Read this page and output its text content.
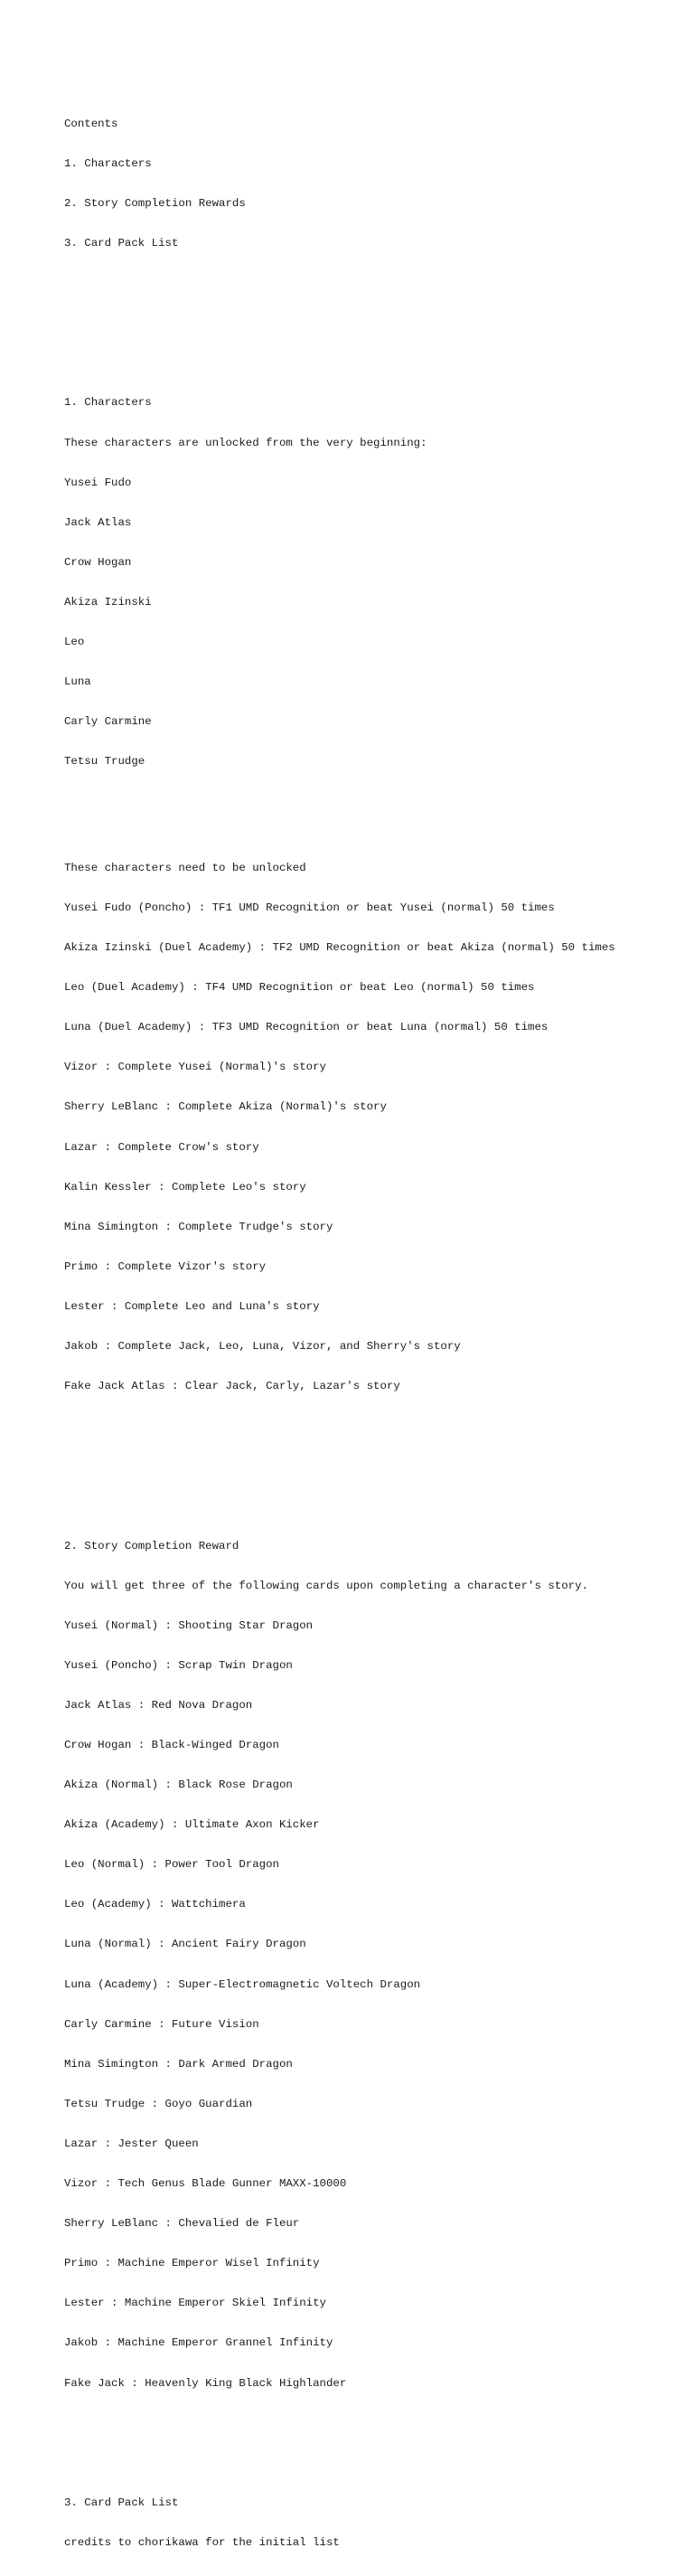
Contents

1. Characters

2. Story Completion Rewards

3. Card Pack List

1. Characters

These characters are unlocked from the very beginning:

Yusei Fudo

Jack Atlas

Crow Hogan

Akiza Izinski

Leo

Luna

Carly Carmine

Tetsu Trudge

These characters need to be unlocked

Yusei Fudo (Poncho) : TF1 UMD Recognition or beat Yusei (normal) 50 times

Akiza Izinski (Duel Academy) : TF2 UMD Recognition or beat Akiza (normal) 50 times

Leo (Duel Academy) : TF4 UMD Recognition or beat Leo (normal) 50 times

Luna (Duel Academy) : TF3 UMD Recognition or beat Luna (normal) 50 times

Vizor : Complete Yusei (Normal)'s story

Sherry LeBlanc : Complete Akiza (Normal)'s story

Lazar : Complete Crow's story

Kalin Kessler : Complete Leo's story

Mina Simington : Complete Trudge's story

Primo : Complete Vizor's story

Lester : Complete Leo and Luna's story

Jakob : Complete Jack, Leo, Luna, Vizor, and Sherry's story

Fake Jack Atlas : Clear Jack, Carly, Lazar's story

2. Story Completion Reward

You will get three of the following cards upon completing a character's story.

Yusei (Normal) : Shooting Star Dragon

Yusei (Poncho) : Scrap Twin Dragon

Jack Atlas : Red Nova Dragon

Crow Hogan : Black-Winged Dragon

Akiza (Normal) : Black Rose Dragon

Akiza (Academy) : Ultimate Axon Kicker

Leo (Normal) : Power Tool Dragon

Leo (Academy) : Wattchimera

Luna (Normal) : Ancient Fairy Dragon

Luna (Academy) : Super-Electromagnetic Voltech Dragon

Carly Carmine : Future Vision

Mina Simington : Dark Armed Dragon

Tetsu Trudge : Goyo Guardian

Lazar : Jester Queen

Vizor : Tech Genus Blade Gunner MAXX-10000

Sherry LeBlanc : Chevalied de Fleur

Primo : Machine Emperor Wisel Infinity

Lester : Machine Emperor Skiel Infinity

Jakob : Machine Emperor Grannel Infinity

Fake Jack : Heavenly King Black Highlander

3. Card Pack List

credits to chorikawa for the initial list
